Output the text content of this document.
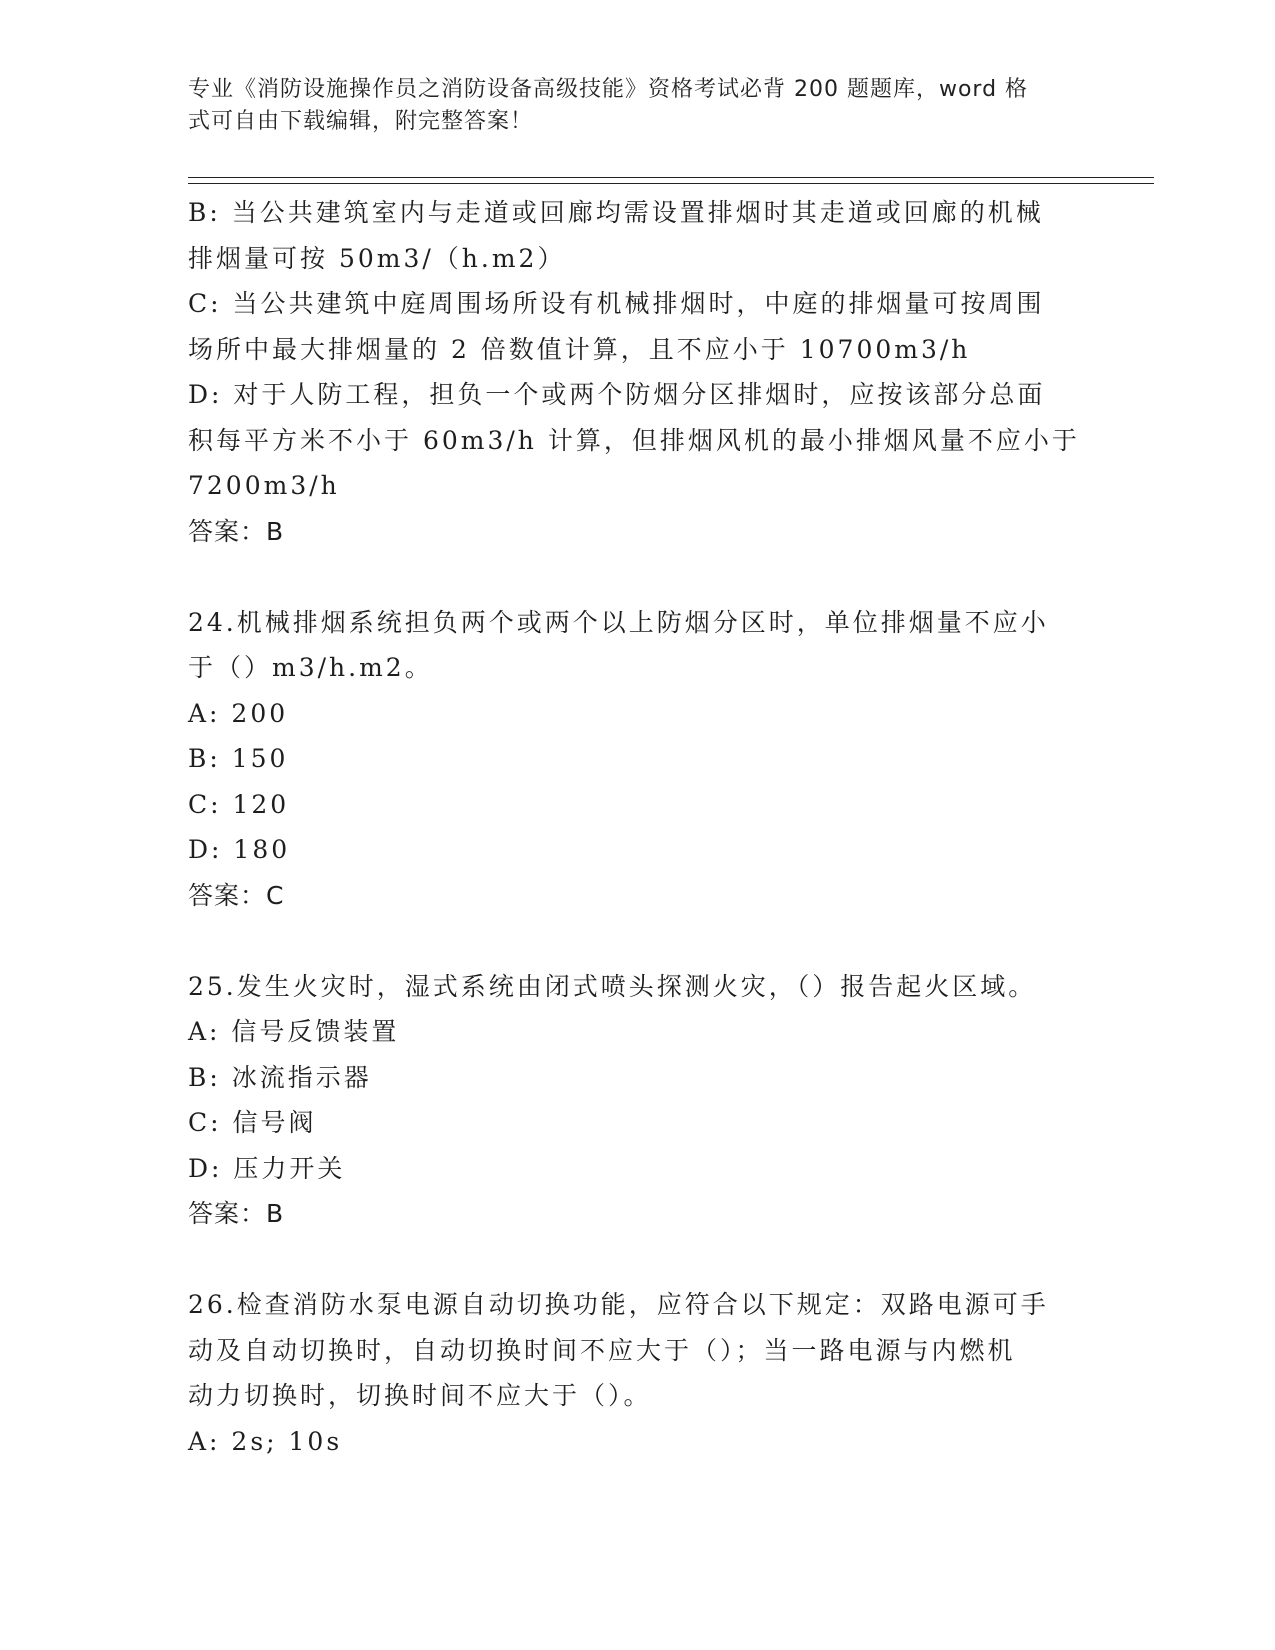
专业《消防设施操作员之消防设备高级技能》资格考试必背 200 题题库，word 格
式可自由下载编辑，附完整答案！
B: 当公共建筑室内与走道或回廊均需设置排烟时其走道或回廊的机械
排烟量可按 50m3/（h.m2）
C: 当公共建筑中庭周围场所设有机械排烟时，中庭的排烟量可按周围
场所中最大排烟量的 2 倍数值计算，且不应小于 10700m3/h
D: 对于人防工程，担负一个或两个防烟分区排烟时，应按该部分总面
积每平方米不小于 60m3/h 计算，但排烟风机的最小排烟风量不应小于
7200m3/h
答案：B
24.机械排烟系统担负两个或两个以上防烟分区时，单位排烟量不应小
于（）m3/h.m2。
A: 200
B: 150
C: 120
D: 180
答案：C
25.发生火灾时，湿式系统由闭式喷头探测火灾，（）报告起火区域。
A: 信号反馈装置
B: 冰流指示器
C: 信号阀
D: 压力开关
答案：B
26.检查消防水泵电源自动切换功能，应符合以下规定：双路电源可手
动及自动切换时，自动切换时间不应大于（）；当一路电源与内燃机
动力切换时，切换时间不应大于（）。
A: 2s; 10s
